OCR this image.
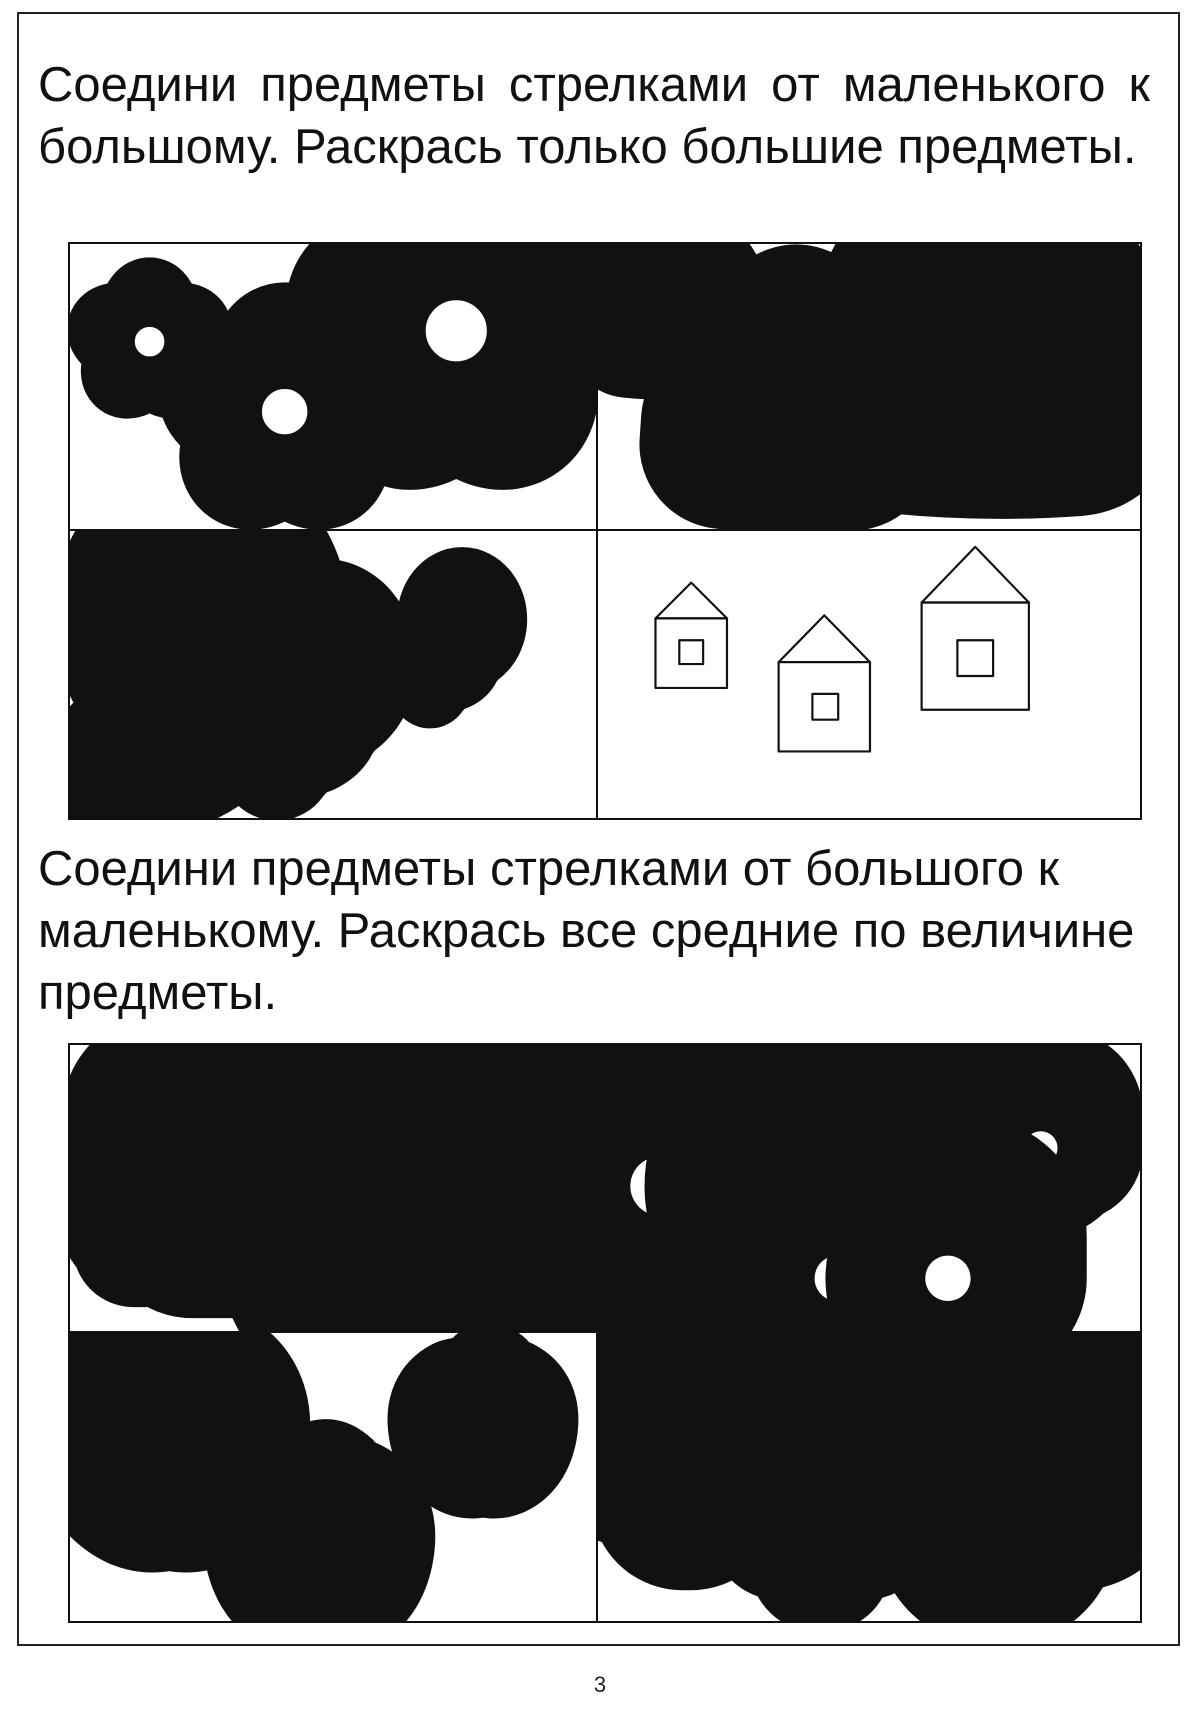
Соедини предметы стрелками от маленького к большому. Раскрась только большие предметы.

Соедини предметы стрелками от большого к маленькому. Раскрась все средние по величине предметы.

3
